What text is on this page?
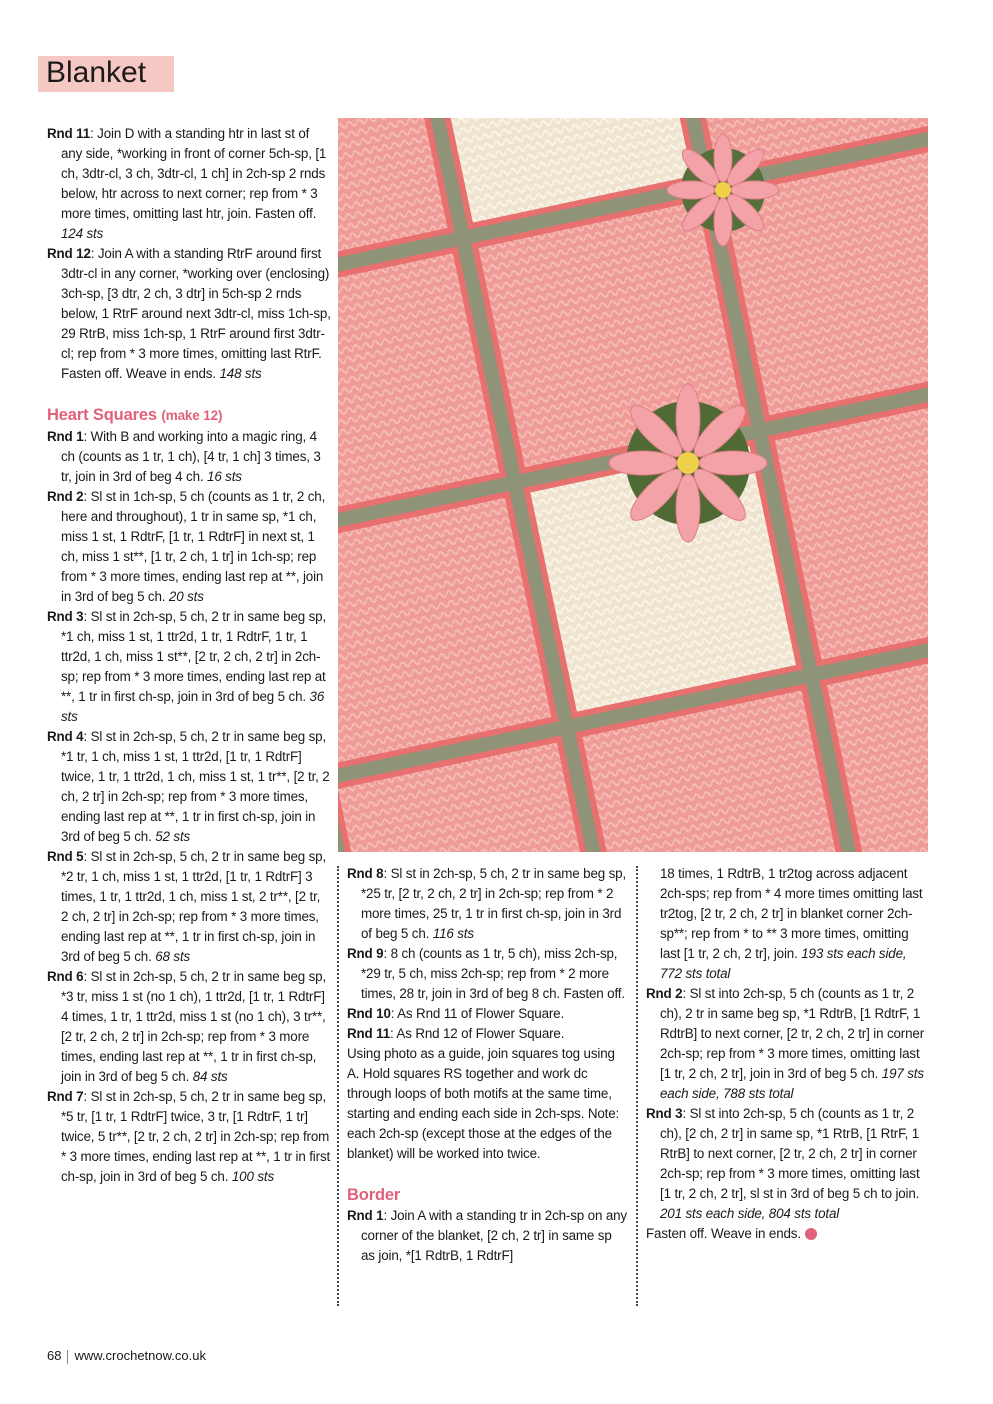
Blanket

Rnd 11: Join D with a standing htr in last st of any side, *working in front of corner 5ch-sp, [1 ch, 3dtr-cl, 3 ch, 3dtr-cl, 1 ch] in 2ch-sp 2 rnds below, htr across to next corner; rep from * 3 more times, omitting last htr, join. Fasten off. 124 sts

Rnd 12: Join A with a standing RtrF around first 3dtr-cl in any corner, *working over (enclosing) 3ch-sp, [3 dtr, 2 ch, 3 dtr] in 5ch-sp 2 rnds below, 1 RtrF around next 3dtr-cl, miss 1ch-sp, 29 RtrB, miss 1ch-sp, 1 RtrF around first 3dtr-cl; rep from * 3 more times, omitting last RtrF. Fasten off. Weave in ends. 148 sts

Heart Squares (make 12)

Rnd 1: With B and working into a magic ring, 4 ch (counts as 1 tr, 1 ch), [4 tr, 1 ch] 3 times, 3 tr, join in 3rd of beg 4 ch. 16 sts

Rnd 2: Sl st in 1ch-sp, 5 ch (counts as 1 tr, 2 ch, here and throughout), 1 tr in same sp, *1 ch, miss 1 st, 1 RdtrF, [1 tr, 1 RdtrF] in next st, 1 ch, miss 1 st**, [1 tr, 2 ch, 1 tr] in 1ch-sp; rep from * 3 more times, ending last rep at **, join in 3rd of beg 5 ch. 20 sts

Rnd 3: Sl st in 2ch-sp, 5 ch, 2 tr in same beg sp, *1 ch, miss 1 st, 1 ttr2d, 1 tr, 1 RdtrF, 1 tr, 1 ttr2d, 1 ch, miss 1 st**, [2 tr, 2 ch, 2 tr] in 2ch-sp; rep from * 3 more times, ending last rep at **, 1 tr in first ch-sp, join in 3rd of beg 5 ch. 36 sts

Rnd 4: Sl st in 2ch-sp, 5 ch, 2 tr in same beg sp, *1 tr, 1 ch, miss 1 st, 1 ttr2d, [1 tr, 1 RdtrF] twice, 1 tr, 1 ttr2d, 1 ch, miss 1 st, 1 tr**, [2 tr, 2 ch, 2 tr] in 2ch-sp; rep from * 3 more times, ending last rep at **, 1 tr in first ch-sp, join in 3rd of beg 5 ch. 52 sts

Rnd 5: Sl st in 2ch-sp, 5 ch, 2 tr in same beg sp, *2 tr, 1 ch, miss 1 st, 1 ttr2d, [1 tr, 1 RdtrF] 3 times, 1 tr, 1 ttr2d, 1 ch, miss 1 st, 2 tr**, [2 tr, 2 ch, 2 tr] in 2ch-sp; rep from * 3 more times, ending last rep at **, 1 tr in first ch-sp, join in 3rd of beg 5 ch. 68 sts

Rnd 6: Sl st in 2ch-sp, 5 ch, 2 tr in same beg sp, *3 tr, miss 1 st (no 1 ch), 1 ttr2d, [1 tr, 1 RdtrF] 4 times, 1 tr, 1 ttr2d, miss 1 st (no 1 ch), 3 tr**, [2 tr, 2 ch, 2 tr] in 2ch-sp; rep from * 3 more times, ending last rep at **, 1 tr in first ch-sp, join in 3rd of beg 5 ch. 84 sts

Rnd 7: Sl st in 2ch-sp, 5 ch, 2 tr in same beg sp, *5 tr, [1 tr, 1 RdtrF] twice, 3 tr, [1 RdtrF, 1 tr] twice, 5 tr**, [2 tr, 2 ch, 2 tr] in 2ch-sp; rep from * 3 more times, ending last rep at **, 1 tr in first ch-sp, join in 3rd of beg 5 ch. 100 sts

Rnd 8: Sl st in 2ch-sp, 5 ch, 2 tr in same beg sp, *25 tr, [2 tr, 2 ch, 2 tr] in 2ch-sp; rep from * 2 more times, 25 tr, 1 tr in first ch-sp, join in 3rd of beg 5 ch. 116 sts

Rnd 9: 8 ch (counts as 1 tr, 5 ch), miss 2ch-sp, *29 tr, 5 ch, miss 2ch-sp; rep from * 2 more times, 28 tr, join in 3rd of beg 8 ch. Fasten off.

Rnd 10: As Rnd 11 of Flower Square.

Rnd 11: As Rnd 12 of Flower Square.

Using photo as a guide, join squares tog using A. Hold squares RS together and work dc through loops of both motifs at the same time, starting and ending each side in 2ch-sps. Note: each 2ch-sp (except those at the edges of the blanket) will be worked into twice.

Border

Rnd 1: Join A with a standing tr in 2ch-sp on any corner of the blanket, [2 ch, 2 tr] in same sp as join, *[1 RdtrB, 1 RdtrF]

18 times, 1 RdtrB, 1 tr2tog across adjacent 2ch-sps; rep from * 4 more times omitting last tr2tog, [2 tr, 2 ch, 2 tr] in blanket corner 2ch-sp**; rep from * to ** 3 more times, omitting last [1 tr, 2 ch, 2 tr], join. 193 sts each side, 772 sts total

Rnd 2: Sl st into 2ch-sp, 5 ch (counts as 1 tr, 2 ch), 2 tr in same beg sp, *1 RdtrB, [1 RdtrF, 1 RdtrB] to next corner, [2 tr, 2 ch, 2 tr] in corner 2ch-sp; rep from * 3 more times, omitting last [1 tr, 2 ch, 2 tr], join in 3rd of beg 5 ch. 197 sts each side, 788 sts total

Rnd 3: Sl st into 2ch-sp, 5 ch (counts as 1 tr, 2 ch), [2 ch, 2 tr] in same sp, *1 RtrB, [1 RtrF, 1 RtrB] to next corner, [2 tr, 2 ch, 2 tr] in corner 2ch-sp; rep from * 3 more times, omitting last [1 tr, 2 ch, 2 tr], sl st in 3rd of beg 5 ch to join. 201 sts each side, 804 sts total

Fasten off. Weave in ends.

68 www.crochetnow.co.uk
